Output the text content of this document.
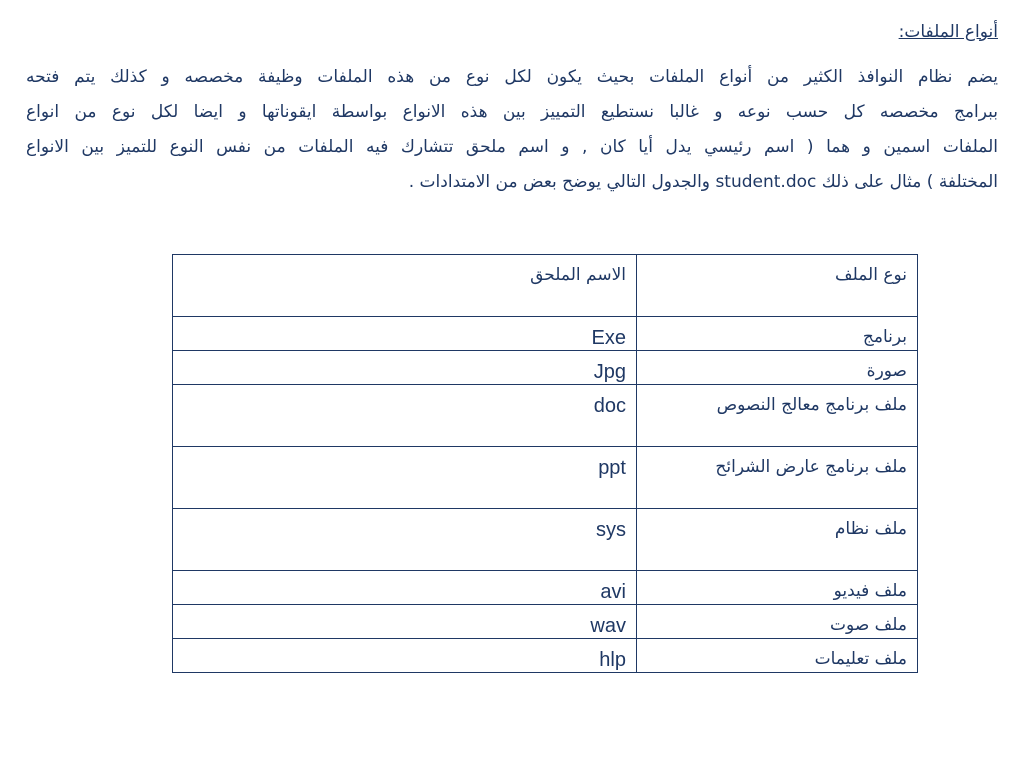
أنواع الملفات:
يضم نظام النوافذ الكثير من أنواع الملفات بحيث يكون لكل نوع من هذه الملفات وظيفة مخصصه و كذلك يتم فتحه
ببرامج مخصصه كل حسب نوعه و غالبا نستطيع التمييز بين هذه الانواع بواسطة ايقوناتها و ايضا لكل نوع من انواع
الملفات اسمين و هما ( اسم رئيسي يدل أيا كان , و اسم ملحق تتشارك فيه الملفات من نفس النوع للتميز بين الانواع
المختلفة ) مثال على ذلك student.doc والجدول التالي يوضح بعض من الامتدادات .
نوع الملف	الاسم الملحق
برنامج	Exe
صورة	Jpg
ملف برنامج معالج النصوص	doc
ملف برنامج عارض الشرائح	ppt
ملف نظام	sys
ملف فيديو	avi
ملف صوت	wav
ملف تعليمات	hlp
